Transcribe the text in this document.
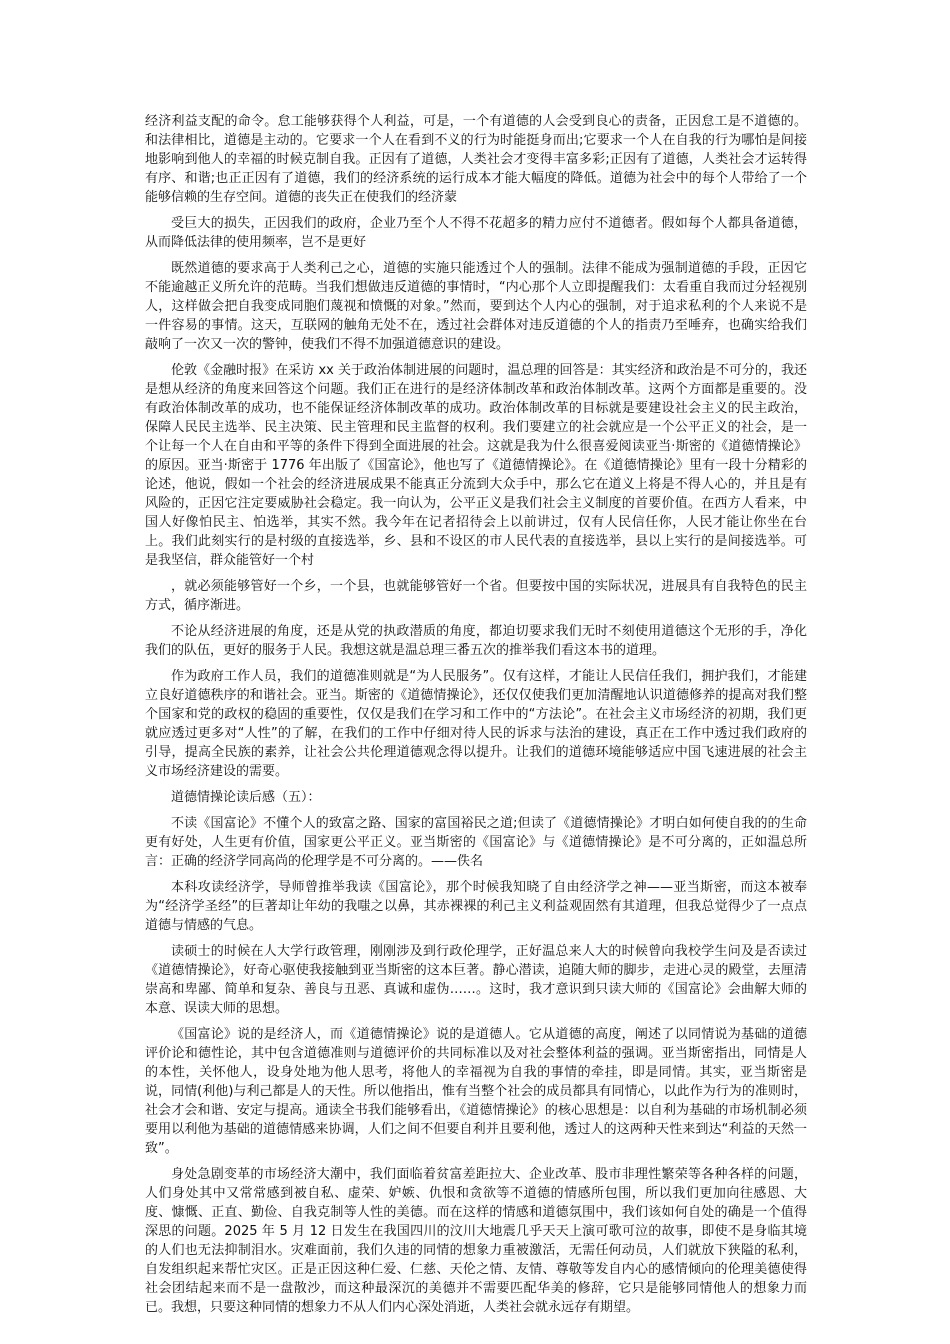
经济利益支配的命令。怠工能够获得个人利益，可是，一个有道德的人会受到良心的责备，正因怠工是不道德的。和法律相比，道德是主动的。它要求一个人在看到不义的行为时能挺身而出;它要求一个人在自我的行为哪怕是间接地影响到他人的幸福的时候克制自我。正因有了道德，人类社会才变得丰富多彩;正因有了道德，人类社会才运转得有序、和谐;也正正因有了道德，我们的经济系统的运行成本才能大幅度的降低。道德为社会中的每个人带给了一个能够信赖的生存空间。道德的丧失正在使我们的经济蒙

受巨大的损失，正因我们的政府，企业乃至个人不得不花超多的精力应付不道德者。假如每个人都具备道德，从而降低法律的使用频率，岂不是更好

既然道德的要求高于人类利己之心，道德的实施只能透过个人的强制。法律不能成为强制道德的手段，正因它不能逾越正义所允许的范畴。当我们想做违反道德的事情时，“内心那个人立即提醒我们：太看重自我而过分轻视别人，这样做会把自我变成同胞们蔑视和愤慨的对象。”然而，要到达个人内心的强制，对于追求私利的个人来说不是一件容易的事情。这天，互联网的触角无处不在，透过社会群体对违反道德的个人的指责乃至唾弃，也确实给我们敲响了一次又一次的警钟，使我们不得不加强道德意识的建设。

伦敦《金融时报》在采访 xx 关于政治体制进展的问题时，温总理的回答是：其实经济和政治是不可分的，我还是想从经济的角度来回答这个问题。我们正在进行的是经济体制改革和政治体制改革。这两个方面都是重要的。没有政治体制改革的成功，也不能保证经济体制改革的成功。政治体制改革的目标就是要建设社会主义的民主政治，保障人民民主选举、民主决策、民主管理和民主监督的权利。我们要建立的社会就应是一个公平正义的社会，是一个让每一个人在自由和平等的条件下得到全面进展的社会。这就是我为什么很喜爱阅读亚当·斯密的《道德情操论》的原因。亚当·斯密于 1776 年出版了《国富论》，他也写了《道德情操论》。在《道德情操论》里有一段十分精彩的论述，他说，假如一个社会的经济进展成果不能真正分流到大众手中，那么它在道义上将是不得人心的，并且是有风险的，正因它注定要威胁社会稳定。我一向认为，公平正义是我们社会主义制度的首要价值。在西方人看来，中国人好像怕民主、怕选举，其实不然。我今年在记者招待会上以前讲过，仅有人民信任你，人民才能让你坐在台上。我们此刻实行的是村级的直接选举，乡、县和不设区的市人民代表的直接选举，县以上实行的是间接选举。可是我坚信，群众能管好一个村

，就必须能够管好一个乡，一个县，也就能够管好一个省。但要按中国的实际状况，进展具有自我特色的民主方式，循序渐进。

不论从经济进展的角度，还是从党的执政潜质的角度，都迫切要求我们无时不刻使用道德这个无形的手，净化我们的队伍，更好的服务于人民。我想这就是温总理三番五次的推举我们看这本书的道理。

作为政府工作人员，我们的道德准则就是“为人民服务”。仅有这样，才能让人民信任我们，拥护我们，才能建立良好道德秩序的和谐社会。亚当。斯密的《道德情操论》，还仅仅使我们更加清醒地认识道德修养的提高对我们整个国家和党的政权的稳固的重要性，仅仅是我们在学习和工作中的“方法论”。在社会主义市场经济的初期，我们更就应透过更多对“人性”的了解，在我们的工作中仔细对待人民的诉求与法治的建设，真正在工作中透过我们政府的引导，提高全民族的素养，让社会公共伦理道德观念得以提升。让我们的道德环境能够适应中国飞速进展的社会主义市场经济建设的需要。

道德情操论读后感（五）：

不读《国富论》不懂个人的致富之路、国家的富国裕民之道;但读了《道德情操论》才明白如何使自我的的生命更有好处，人生更有价值，国家更公平正义。亚当斯密的《国富论》与《道德情操论》是不可分离的，正如温总所言：正确的经济学同高尚的伦理学是不可分离的。——佚名

本科攻读经济学，导师曾推举我读《国富论》，那个时候我知晓了自由经济学之神——亚当斯密，而这本被奉为“经济学圣经”的巨著却让年幼的我嗤之以鼻，其赤裸裸的利己主义利益观固然有其道理，但我总觉得少了一点点道德与情感的气息。

读硕士的时候在人大学行政管理，刚刚涉及到行政伦理学，正好温总来人大的时候曾向我校学生问及是否读过《道德情操论》，好奇心驱使我接触到亚当斯密的这本巨著。静心潜读，追随大师的脚步，走进心灵的殿堂，去厘清崇高和卑鄙、简单和复杂、善良与丑恶、真诚和虚伪……。这时，我才意识到只读大师的《国富论》会曲解大师的本意、误读大师的思想。

《国富论》说的是经济人，而《道德情操论》说的是道德人。它从道德的高度，阐述了以同情说为基础的道德评价论和德性论，其中包含道德准则与道德评价的共同标准以及对社会整体利益的强调。亚当斯密指出，同情是人的本性，关怀他人，设身处地为他人思考，将他人的幸福视为自我的事情的牵挂，即是同情。其实，亚当斯密是说，同情(利他)与利己都是人的天性。所以他指出，惟有当整个社会的成员都具有同情心，以此作为行为的准则时，社会才会和谐、安定与提高。通读全书我们能够看出，《道德情操论》的核心思想是：以自利为基础的市场机制必须要用以利他为基础的道德情感来协调，人们之间不但要自利并且要利他，透过人的这两种天性来到达“利益的天然一致”。

身处急剧变革的市场经济大潮中，我们面临着贫富差距拉大、企业改革、股市非理性繁荣等各种各样的问题，人们身处其中又常常感到被自私、虚荣、妒嫉、仇恨和贪欲等不道德的情感所包围，所以我们更加向往感恩、大度、慷慨、正直、勤俭、自我克制等人性的美德。而在这样的情感和道德氛围中，我们该如何自处的确是一个值得深思的问题。2025 年 5 月 12 日发生在我国四川的汶川大地震几乎天天上演可歌可泣的故事，即使不是身临其境的人们也无法抑制泪水。灾难面前，我们久违的同情的想象力重被激活，无需任何动员，人们就放下狭隘的私利，自发组织起来帮忙灾区。正是正因这种仁爱、仁慈、天伦之情、友情、尊敬等发自内心的感情倾向的伦理美德使得社会团结起来而不是一盘散沙，而这种最深沉的美德并不需要匹配华美的修辞，它只是能够同情他人的想象力而已。我想，只要这种同情的想象力不从人们内心深处消逝，人类社会就永远存有期望。
